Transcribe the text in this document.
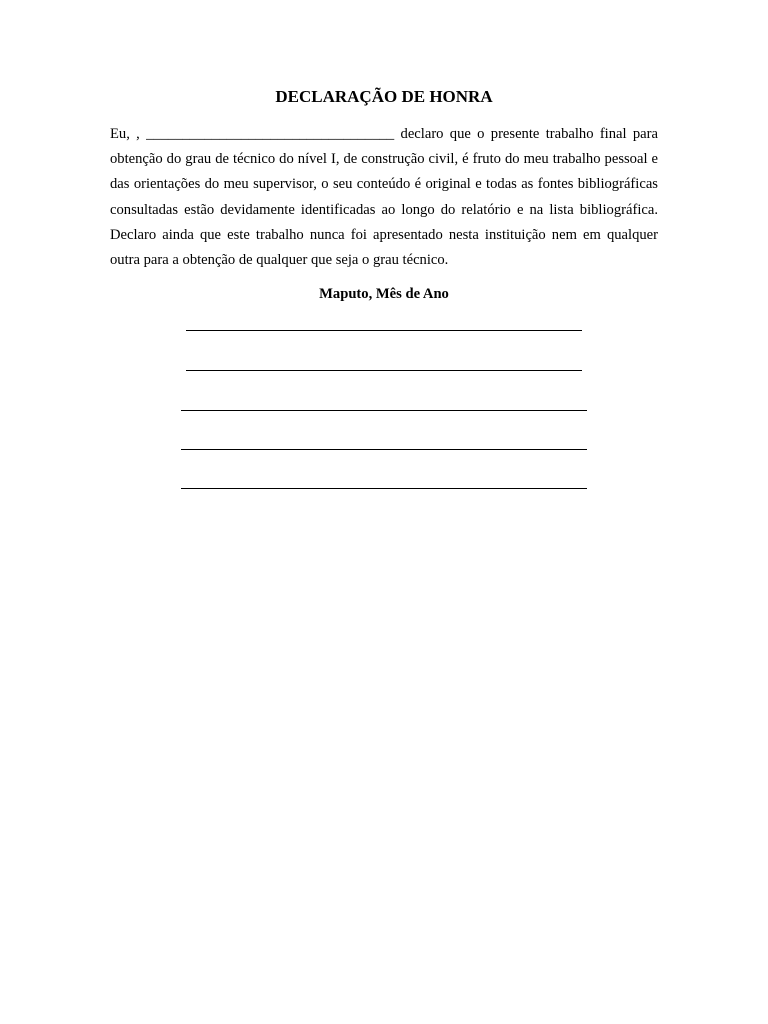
DECLARAÇÃO DE HONRA

Eu, , __________________________________ declaro que o presente trabalho final para obtenção do grau de técnico do nível I, de construção civil, é fruto do meu trabalho pessoal e das orientações do meu supervisor, o seu conteúdo é original e todas as fontes bibliográficas consultadas estão devidamente identificadas ao longo do relatório e na lista bibliográfica. Declaro ainda que este trabalho nunca foi apresentado nesta instituição nem em qualquer outra para a obtenção de qualquer que seja o grau técnico.

Maputo, Mês de Ano
